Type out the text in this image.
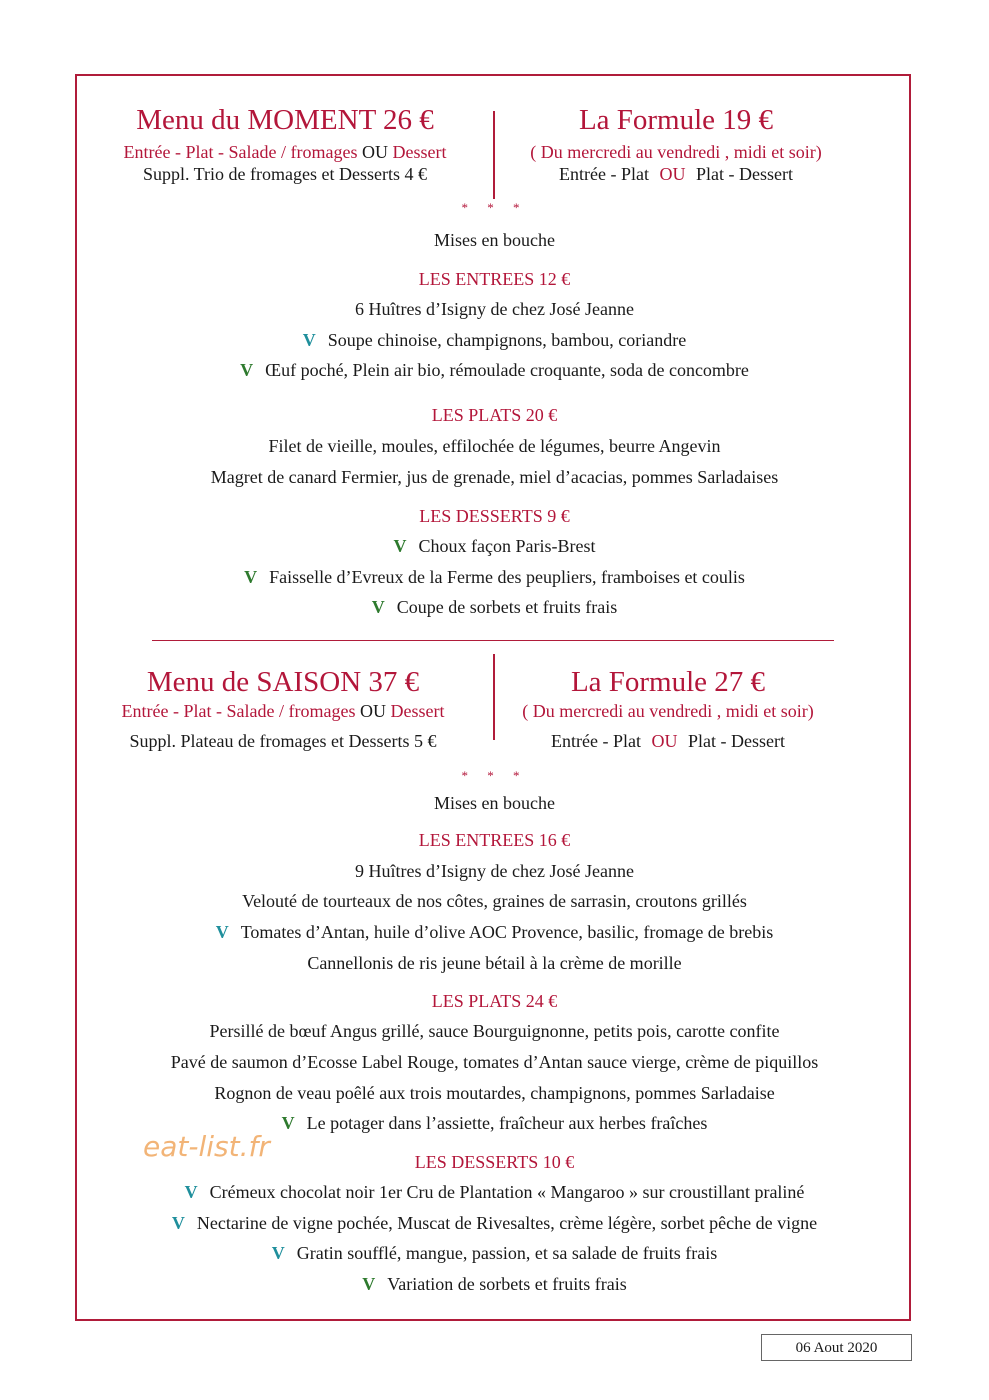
Menu du MOMENT 26 €
Entrée - Plat - Salade / fromages OU Dessert
Suppl. Trio de fromages et Desserts 4 €
La Formule 19 €
( Du mercredi au vendredi , midi et soir)
Entrée - Plat OU Plat - Dessert
* * *
Mises en bouche
LES ENTREES 12 €
6 Huîtres d’Isigny de chez José Jeanne
V Soupe chinoise, champignons, bambou, coriandre
V Œuf poché, Plein air bio, rémoulade croquante, soda de concombre
LES PLATS 20 €
Filet de vieille, moules, effilochée de légumes, beurre Angevin
Magret de canard Fermier, jus de grenade, miel d’acacias, pommes Sarladaises
LES DESSERTS 9 €
V Choux façon Paris-Brest
V Faisselle d’Evreux de la Ferme des peupliers, framboises et coulis
V Coupe de sorbets et fruits frais
Menu de SAISON 37 €
Entrée - Plat - Salade / fromages OU Dessert
Suppl. Plateau de fromages et Desserts 5 €
La Formule 27 €
( Du mercredi au vendredi , midi et soir)
Entrée - Plat OU Plat - Dessert
* * *
Mises en bouche
LES ENTREES 16 €
9 Huîtres d’Isigny de chez José Jeanne
Velouté de tourteaux de nos côtes, graines de sarrasin, croutons grillés
V Tomates d’Antan, huile d’olive AOC Provence, basilic, fromage de brebis
Cannellonis de ris jeune bétail à la crème de morille
LES PLATS 24 €
Persillé de bœuf Angus grillé, sauce Bourguignonne, petits pois, carotte confite
Pavé de saumon d’Ecosse Label Rouge, tomates d’Antan sauce vierge, crème de piquillos
Rognon de veau poêlé aux trois moutardes, champignons, pommes Sarladaise
V Le potager dans l’assiette, fraîcheur aux herbes fraîches
LES DESSERTS 10 €
V Crémeux chocolat noir 1er Cru de Plantation « Mangaroo » sur croustillant praliné
V Nectarine de vigne pochée, Muscat de Rivesaltes, crème légère, sorbet pêche de vigne
V Gratin soufflé, mangue, passion, et sa salade de fruits frais
V Variation de sorbets et fruits frais
eat-list.fr
06 Aout 2020
